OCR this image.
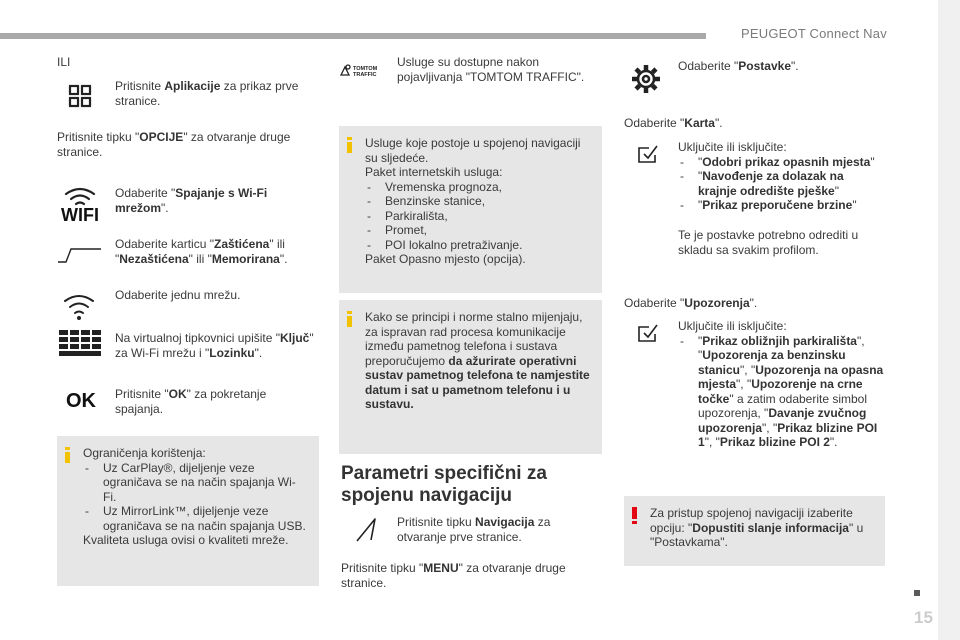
PEUGEOT Connect Nav
15

ILI

Pritisnite Aplikacije za prikaz prve stranice.

Pritisnite tipku "OPCIJE" za otvaranje druge stranice.

WIFI

Odaberite "Spajanje s Wi-Fi mrežom".

Odaberite karticu "Zaštićena" ili "Nezaštićena" ili "Memorirana".

Odaberite jednu mrežu.

Na virtualnoj tipkovnici upišite "Ključ" za Wi-Fi mrežu i "Lozinku".

OK Pritisnite "OK" za pokretanje spajanja.

Ograničenja korištenja:

- Uz CarPlay®, dijeljenje veze ograničava se na način spajanja Wi-Fi.
- Uz MirrorLink™, dijeljenje veze ograničava se na način spajanja USB.

Kvaliteta usluga ovisi o kvaliteti mreže.

TOMTOM
TRAFFIC

Usluge su dostupne nakon pojavljivanja "TOMTOM TRAFFIC".

Usluge koje postoje u spojenoj navigaciji su sljedeće.

Paket internetskih usluga:

- Vremenska prognoza,
- Benzinske stanice,
- Parkirališta,
- Promet,
- POI lokalno pretraživanje.

Paket Opasno mjesto (opcija).

Kako se principi i norme stalno mijenjaju, za ispravan rad procesa komunikacije između pametnog telefona i sustava preporučujemo da ažurirate operativni sustav pametnog telefona te namjestite datum i sat u pametnom telefonu i u sustavu.

Parametri specifični za
spojenu navigaciju

Pritisnite tipku Navigacija za otvaranje prve stranice.

Pritisnite tipku "MENU" za otvaranje druge stranice.

Odaberite "Postavke".

Odaberite "Karta".

Uključite ili isključite:

- "Odobri prikaz opasnih mjesta"
- "Navođenje za dolazak na krajnje odredište pješke"
- "Prikaz preporučene brzine"

Te je postavke potrebno odrediti u skladu sa svakim profilom.

Odaberite "Upozorenja".

Uključite ili isključite:

- "Prikaz obližnjih parkirališta", "Upozorenja za benzinsku stanicu", "Upozorenja na opasna mjesta", "Upozorenje na crne točke" a zatim odaberite simbol upozorenja, "Davanje zvučnog upozorenja", "Prikaz blizine POI 1", "Prikaz blizine POI 2".

Za pristup spojenoj navigaciji izaberite opciju: "Dopustiti slanje informacija" u "Postavkama".
